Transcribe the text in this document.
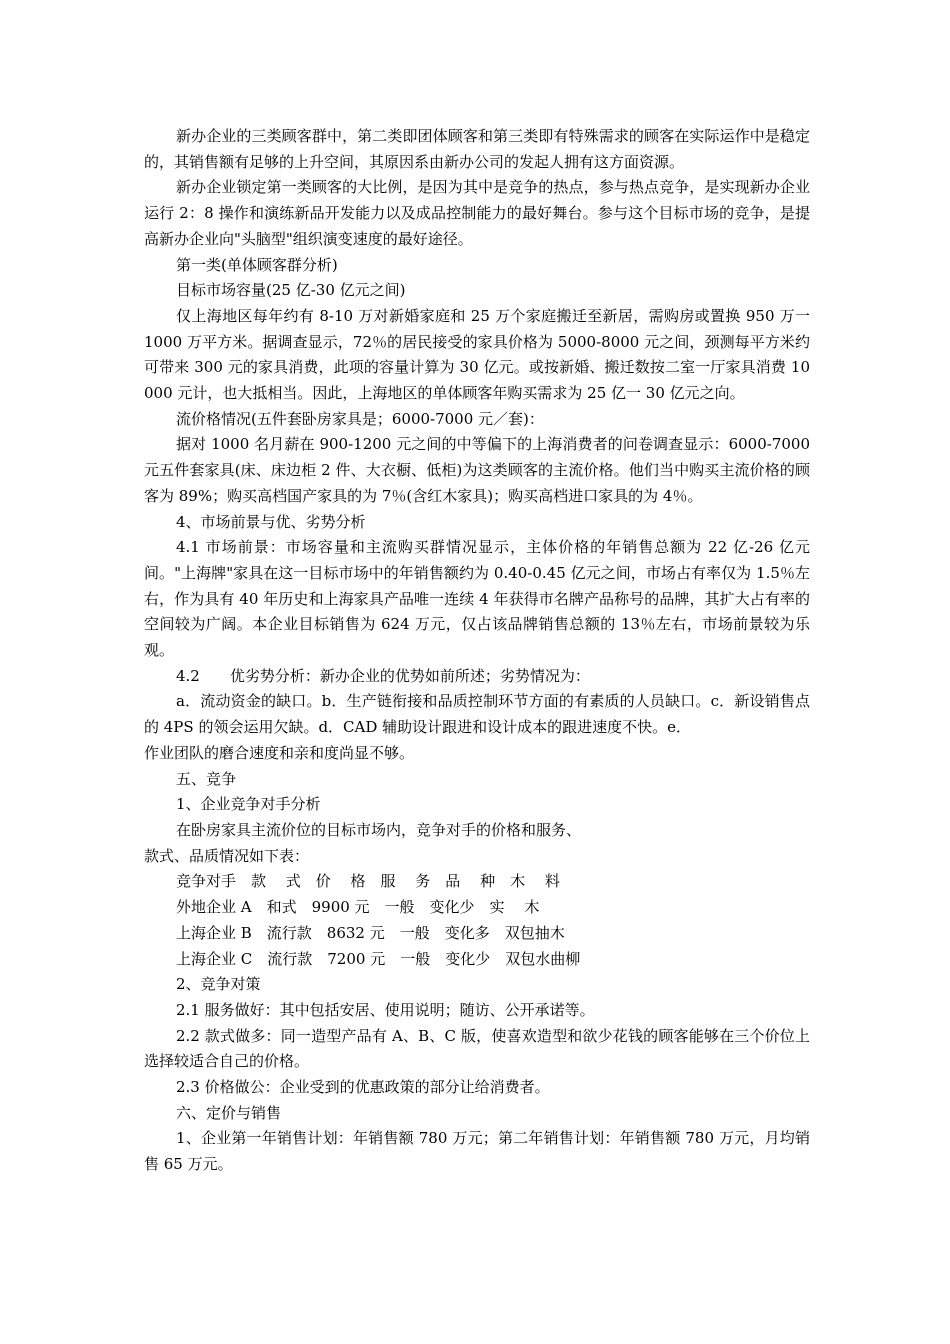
新办企业的三类顾客群中，第二类即团体顾客和第三类即有特殊需求的顾客在实际运作中是稳定的，其销售额有足够的上升空间，其原因系由新办公司的发起人拥有这方面资源。

新办企业锁定第一类顾客的大比例，是因为其中是竞争的热点，参与热点竞争，是实现新办企业运行 2：8 操作和演练新品开发能力以及成品控制能力的最好舞台。参与这个目标市场的竞争，是提高新办企业向"头脑型"组织演变速度的最好途径。

第一类(单体顾客群分析)

目标市场容量(25 亿-30 亿元之间)

仅上海地区每年约有 8-10 万对新婚家庭和 25 万个家庭搬迁至新居，需购房或置换 950 万一 1000 万平方米。据调查显示，72％的居民接受的家具价格为 5000-8000 元之间，颈测每平方米约可带来 300 元的家具消费，此项的容量计算为 30 亿元。或按新婚、搬迁数按二室一厅家具消费 10000 元计，也大抵相当。因此，上海地区的单体顾客年购买需求为 25 亿一 30 亿元之向。

流价格情况(五件套卧房家具是；6000-7000 元／套)：

据对 1000 名月薪在 900-1200 元之间的中等偏下的上海消费者的问卷调查显示：6000-7000 元五件套家具(床、床边柜 2 件、大衣橱、低柜)为这类顾客的主流价格。他们当中购买主流价格的顾客为 89%；购买高档国产家具的为 7％(含红木家具)；购买高档进口家具的为 4％。

4、市场前景与优、劣势分析

4.1 市场前景：市场容量和主流购买群情况显示，主体价格的年销售总额为 22 亿-26 亿元间。"上海牌"家具在这一目标市场中的年销售额约为 0.40-0.45 亿元之间，市场占有率仅为 1.5％左右，作为具有 40 年历史和上海家具产品唯一连续 4 年获得市名牌产品称号的品牌，其扩大占有率的空间较为广阔。本企业目标销售为 624 万元，仅占该品牌销售总额的 13％左右，市场前景较为乐观。

4.2　　优劣势分析：新办企业的优势如前所述；劣势情况为：

a．流动资金的缺口。b．生产链衔接和品质控制环节方面的有素质的人员缺口。c．新设销售点的 4PS 的领会运用欠缺。d．CAD 辅助设计跟进和设计成本的跟进速度不快。e．

作业团队的磨合速度和亲和度尚显不够。

五、竞争

1、企业竞争对手分析

在卧房家具主流价位的目标市场内，竞争对手的价格和服务、

款式、品质情况如下表：

竞争对手　款　 式　价　 格　服　 务　品　 种　木　 料

外地企业 A　和式　9900 元　一般　变化少　实　 木

上海企业 B　流行款　8632 元　一般　变化多　双包抽木

上海企业 C　流行款　7200 元　一般　变化少　双包水曲柳

2、竞争对策

2.1 服务做好：其中包括安居、使用说明；随访、公开承诺等。

2.2 款式做多：同一造型产品有 A、B、C 版，使喜欢造型和欲少花钱的顾客能够在三个价位上选择较适合自己的价格。

2.3 价格做公：企业受到的优惠政策的部分让给消费者。

六、定价与销售

1、企业第一年销售计划：年销售额 780 万元；第二年销售计划：年销售额 780 万元，月均销售 65 万元。
